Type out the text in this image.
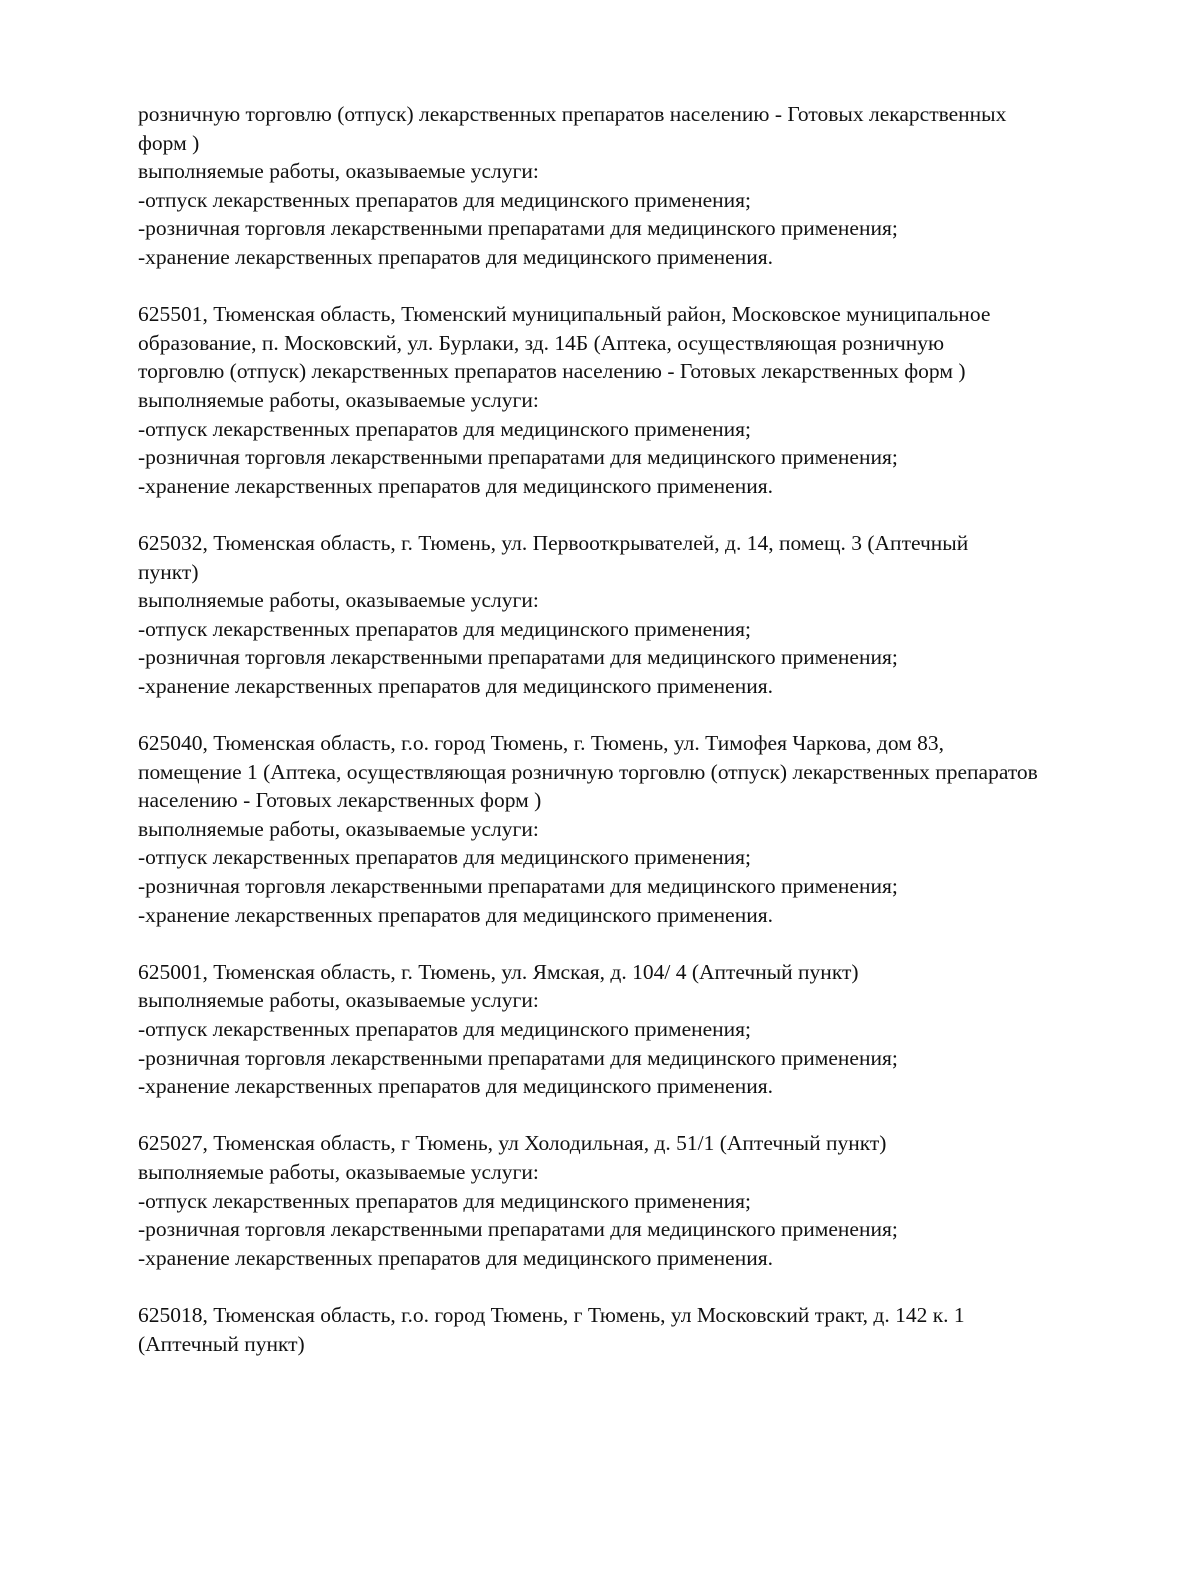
розничную торговлю (отпуск) лекарственных препаратов населению - Готовых лекарственных
форм )
выполняемые работы, оказываемые услуги:
-отпуск лекарственных препаратов для медицинского применения;
-розничная торговля лекарственными препаратами для медицинского применения;
-хранение лекарственных препаратов для медицинского применения.
625501, Тюменская область, Тюменский муниципальный район, Московское муниципальное
образование, п. Московский, ул. Бурлаки, зд. 14Б (Аптека, осуществляющая розничную
торговлю (отпуск) лекарственных препаратов населению - Готовых лекарственных форм )
выполняемые работы, оказываемые услуги:
-отпуск лекарственных препаратов для медицинского применения;
-розничная торговля лекарственными препаратами для медицинского применения;
-хранение лекарственных препаратов для медицинского применения.
625032, Тюменская область, г. Тюмень, ул. Первооткрывателей, д. 14, помещ. 3 (Аптечный
пункт)
выполняемые работы, оказываемые услуги:
-отпуск лекарственных препаратов для медицинского применения;
-розничная торговля лекарственными препаратами для медицинского применения;
-хранение лекарственных препаратов для медицинского применения.
625040, Тюменская область, г.о. город Тюмень, г. Тюмень, ул. Тимофея Чаркова, дом 83,
помещение 1 (Аптека, осуществляющая розничную торговлю (отпуск) лекарственных препаратов
населению - Готовых лекарственных форм )
выполняемые работы, оказываемые услуги:
-отпуск лекарственных препаратов для медицинского применения;
-розничная торговля лекарственными препаратами для медицинского применения;
-хранение лекарственных препаратов для медицинского применения.
625001, Тюменская область, г. Тюмень, ул. Ямская, д. 104/ 4 (Аптечный пункт)
выполняемые работы, оказываемые услуги:
-отпуск лекарственных препаратов для медицинского применения;
-розничная торговля лекарственными препаратами для медицинского применения;
-хранение лекарственных препаратов для медицинского применения.
625027, Тюменская область, г Тюмень, ул Холодильная, д. 51/1 (Аптечный пункт)
выполняемые работы, оказываемые услуги:
-отпуск лекарственных препаратов для медицинского применения;
-розничная торговля лекарственными препаратами для медицинского применения;
-хранение лекарственных препаратов для медицинского применения.
625018, Тюменская область, г.о. город Тюмень, г Тюмень, ул Московский тракт, д. 142 к. 1
(Аптечный пункт)
